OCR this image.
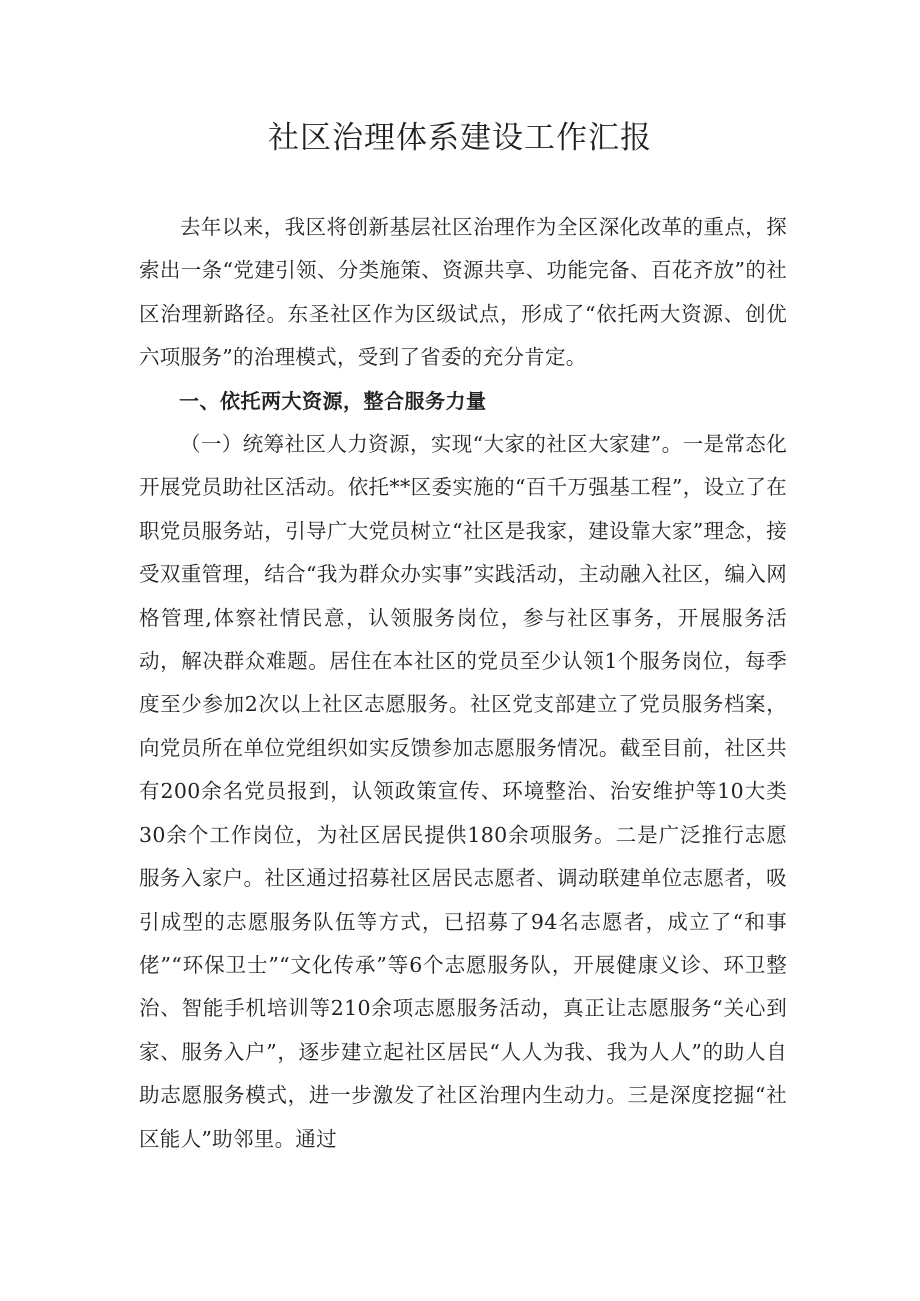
社区治理体系建设工作汇报

去年以来，我区将创新基层社区治理作为全区深化改革的重点，探索出一条“党建引领、分类施策、资源共享、功能完备、百花齐放”的社区治理新路径。东圣社区作为区级试点，形成了“依托两大资源、创优六项服务”的治理模式，受到了省委的充分肯定。

一、依托两大资源，整合服务力量

（一）统筹社区人力资源，实现“大家的社区大家建”。一是常态化开展党员助社区活动。依托**区委实施的“百千万强基工程”，设立了在职党员服务站，引导广大党员树立“社区是我家，建设靠大家”理念，接受双重管理，结合“我为群众办实事”实践活动，主动融入社区，编入网格管理,体察社情民意，认领服务岗位，参与社区事务，开展服务活动，解决群众难题。居住在本社区的党员至少认领1个服务岗位，每季度至少参加2次以上社区志愿服务。社区党支部建立了党员服务档案，向党员所在单位党组织如实反馈参加志愿服务情况。截至目前，社区共有200余名党员报到，认领政策宣传、环境整治、治安维护等10大类30余个工作岗位，为社区居民提供180余项服务。二是广泛推行志愿服务入家户。社区通过招募社区居民志愿者、调动联建单位志愿者，吸引成型的志愿服务队伍等方式，已招募了94名志愿者，成立了“和事佬”“环保卫士”“文化传承”等6个志愿服务队，开展健康义诊、环卫整治、智能手机培训等210余项志愿服务活动，真正让志愿服务“关心到家、服务入户”，逐步建立起社区居民“人人为我、我为人人”的助人自助志愿服务模式，进一步激发了社区治理内生动力。三是深度挖掘“社区能人”助邻里。通过
